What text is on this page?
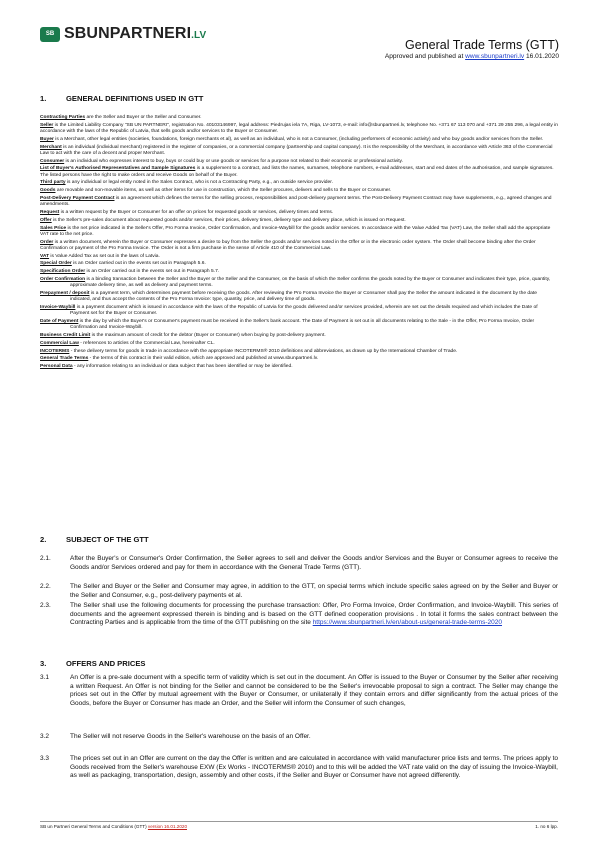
SB SBUNPARTNERI.LV
General Trade Terms (GTT)
Approved and published at www.sbunpartneri.lv 16.01.2020
1.	GENERAL DEFINITIONS USED IN GTT

Contracting Parties are the Seller and Buyer or the Seller and Consumer.

Seller is the Limited Liability Company "SB UN PARTNERI", registration No. 40103146997, legal address: Piedrujas iela 7A, Riga, LV-1073, e-mail: info@sbunpartneri.lv, telephone No. +371 67 113 070 and +371 29 255 296, a legal entity in accordance with the laws of the Republic of Latvia, that sells goods and/or services to the Buyer or Consumer.

Buyer is a Merchant, other legal entities (societies, foundations, foreign merchants et al), as well as an individual, who is not a Consumer, (including performers of economic activity) and who buy goods and/or services from the Seller.

Merchant is an individual (individual merchant) registered in the register of companies, or a commercial company (partnership and capital company). It is the responsibility of the Merchant, in accordance with Article 363 of the Commercial Law to act with the care of a decent and proper Merchant.

Consumer is an individual who expresses interest to buy, buys or could buy or use goods or services for a purpose not related to their economic or professional activity.

List of Buyer's Authorised Representatives and Sample Signatures is a supplement to a contract, and lists the names, surnames, telephone numbers, e-mail addresses, start and end dates of the authorisation, and sample signatures. The listed persons have the right to make orders and receive Goods on behalf of the Buyer.

Third party is any individual or legal entity noted in the Sales Contract, who is not a Contracting Party, e.g., an outside service provider.

Goods are movable and non-movable items, as well as other items for use in construction, which the Seller procures, delivers and sells to the Buyer or Consumer.

Post-Delivery Payment Contract is an agreement which defines the terms for the selling process, responsibilities and post-delivery payment terms. The Post-Delivery Payment Contract may have supplements, e.g., agreed changes and amendments.

Request is a written request by the Buyer or Consumer for an offer on prices for requested goods or services, delivery times and terms.

Offer is the Seller's pre-sales document about requested goods and/or services, their prices, delivery times, delivery type and delivery place, which is issued on Request.

Sales Price is the net price indicated in the Seller's Offer, Pro Forma Invoice, Order Confirmation, and Invoice-Waybill for the goods and/or services. In accordance with the Value Added Tax (VAT) Law, the Seller shall add the appropriate VAT rate to the net price.

Order is a written document, wherein the Buyer or Consumer expresses a desire to buy from the Seller the goods and/or services noted in the Offer or in the electronic order system. The Order shall become binding after the Order Confirmation or payment of the Pro Forma Invoice. The Order is not a firm purchase in the sense of Article 410 of the Commercial Law.

VAT is Value Added Tax as set out in the laws of Latvia.

Special Order is an Order carried out in the events set out in Paragraph 5.6.

Specification Order is an Order carried out in the events set out in Paragraph 5.7.

Order Confirmation is a binding transaction between the Seller and the Buyer or the Seller and the Consumer, on the basis of which the Seller confirms the goods noted by the Buyer or Consumer and indicates their type, price, quantity, approximate delivery time, as well as delivery and payment terms.

Prepayment / deposit is a payment term, which determines payment before receiving the goods. After reviewing the Pro Forma Invoice the Buyer or Consumer shall pay the Seller the amount indicated in the document by the date indicated, and thus accept the contents of the Pro Forma Invoice: type, quantity, price, and delivery time of goods.

Invoice-Waybill is a payment document which is issued in accordance with the laws of the Republic of Latvia for the goods delivered and/or services provided, wherein are set out the details required and which includes the Date of Payment set for the Buyer or Consumer.

Date of Payment is the day by which the Buyer's or Consumer's payment must be received in the Seller's bank account. The Date of Payment is set out in all documents relating to the Sale - in the Offer, Pro Forma Invoice, Order Confirmation and Invoice-Waybill.

Business Credit Limit is the maximum amount of credit for the debtor (Buyer or Consumer) when buying by post-delivery payment.

Commercial Law - references to articles of the Commercial Law, hereinafter CL.

INCOTERMS - these delivery terms for goods in trade in accordance with the appropriate INCOTERMS® 2010 definitions and abbreviations, as drawn up by the International Chamber of Trade.

General Trade Terms - the terms of this contract in their valid edition, which are approved and published at www.sbunpartneri.lv.

Personal Data - any information relating to an individual or data subject that has been identified or may be identified.

2.	SUBJECT OF THE GTT
2.1.	After the Buyer's or Consumer's Order Confirmation, the Seller agrees to sell and deliver the Goods and/or Services and the Buyer or Consumer agrees to receive the Goods and/or Services ordered and pay for them in accordance with the General Trade Terms (GTT).
2.2.	The Seller and Buyer or the Seller and Consumer may agree, in addition to the GTT, on special terms which include specific sales agreed on by the Seller and Buyer or the Seller and Consumer, e.g., post-delivery payments et al.
2.3.	The Seller shall use the following documents for processing the purchase transaction: Offer, Pro Forma Invoice, Order Confirmation, and Invoice-Waybill. This series of documents and the agreement expressed therein is binding and is based on the GTT defined cooperation provisions . In total it forms the sales contract between the Contracting Parties and is applicable from the time of the GTT publishing on the site https://www.sbunpartneri.lv/en/about-us/general-trade-terms-2020
3.	OFFERS AND PRICES
3.1	An Offer is a pre-sale document with a specific term of validity which is set out in the document. An Offer is issued to the Buyer or Consumer by the Seller after receiving a written Request. An Offer is not binding for the Seller and cannot be considered to be the Seller's irrevocable proposal to sign a contract. The Seller may change the prices set out in the Offer by mutual agreement with the Buyer or Consumer, or unilaterally if they contain errors and differ significantly from the actual prices of the Goods, before the Buyer or Consumer has made an Order, and the Seller will inform the Consumer of such changes,
3.2	The Seller will not reserve Goods in the Seller's warehouse on the basis of an Offer.
3.3	The prices set out in an Offer are current on the day the Offer is written and are calculated in accordance with valid manufacturer price lists and terms. The prices apply to Goods received from the Seller's warehouse EXW (Ex Works - INCOTERMS® 2010) and to this will be added the VAT rate valid on the day of issuing the Invoice-Waybill, as well as packaging, transportation, design, assembly and other costs, if the Seller and Buyer or Consumer have not agreed differently.
SB un Partneri General Terms and Conditions (GTT) version 16.01.2020	1. no 6 lpp.
